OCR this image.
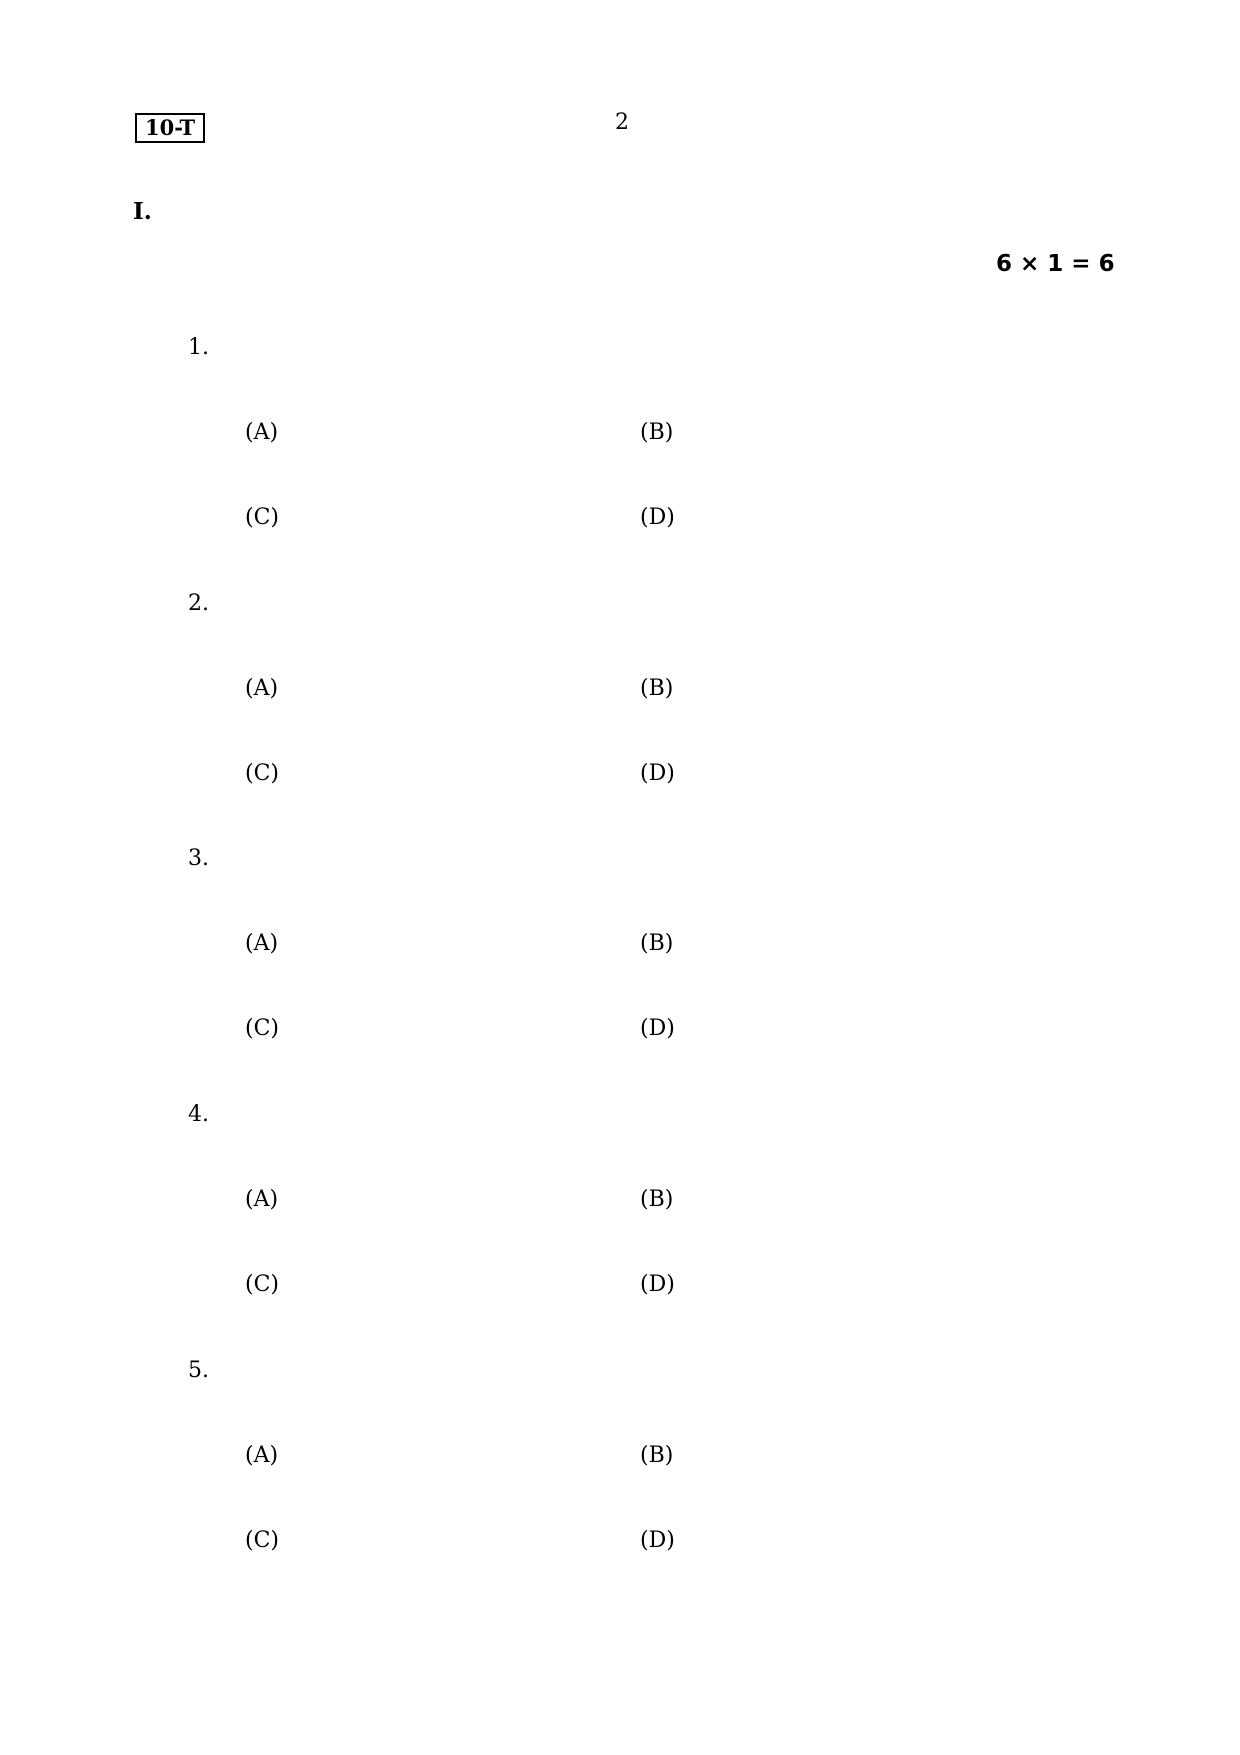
10-T	2
I.
6 × 1 = 6
1.
(A)	(B)
(C)	(D)
2.
(A)	(B)
(C)	(D)
3.
(A)	(B)
(C)	(D)
4.
(A)	(B)
(C)	(D)
5.
(A)	(B)
(C)	(D)
